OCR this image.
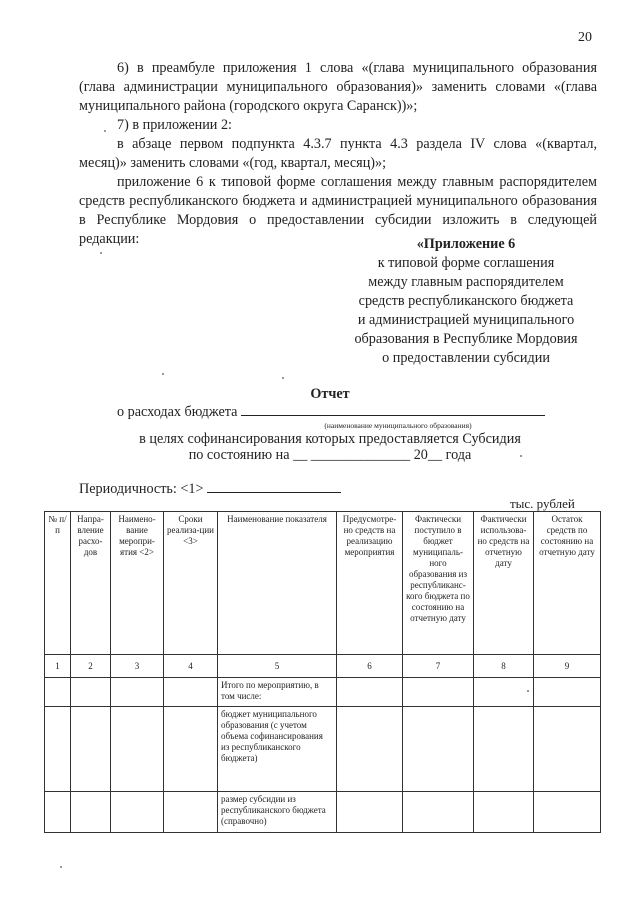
20
6) в преамбуле приложения 1 слова «(глава муниципального образования (глава администрации муниципального образования)» заменить словами «(глава муниципального района (городского округа Саранск))»;
7) в приложении 2:
в абзаце первом подпункта 4.3.7 пункта 4.3 раздела IV слова «(квартал,
месяц)» заменить словами «(год, квартал, месяц)»;
приложение 6 к типовой форме соглашения между главным распорядителем средств республиканского бюджета и администрацией муниципального образования в Республике Мордовия о предоставлении субсидии изложить в следующей редакции:	«Приложение 6
к типовой форме соглашения
между главным распорядителем
средств республиканского бюджета
и администрацией муниципального
образования в Республике Мордовия
о предоставлении субсидии
Отчет
о расходах бюджета
(наименование муниципального образования)
в целях софинансирования которых предоставляется Субсидия
по состоянию на __ ______________ 20__ года
Периодичность: <1>
тыс. рублей
№ п/п	Напра-вление расхо-дов	Наимено-вание меропри-ятия <2>	Сроки реализа-ции <3>	Наименование показателя	Предусмотре-но средств на реализацию мероприятия	Фактически поступило в бюджет муниципаль-ного образования из республиканс-кого бюджета по состоянию на отчетную дату	Фактически использова-но средств на отчетную дату	Остаток средств по состоянию на отчетную дату
1	2	3	4	5	6	7	8	9
				Итого по мероприятию, в том числе:				
				бюджет муниципального образования (с учетом объема софинансирования из республиканского бюджета)				
				размер субсидии из республиканского бюджета (справочно)				
